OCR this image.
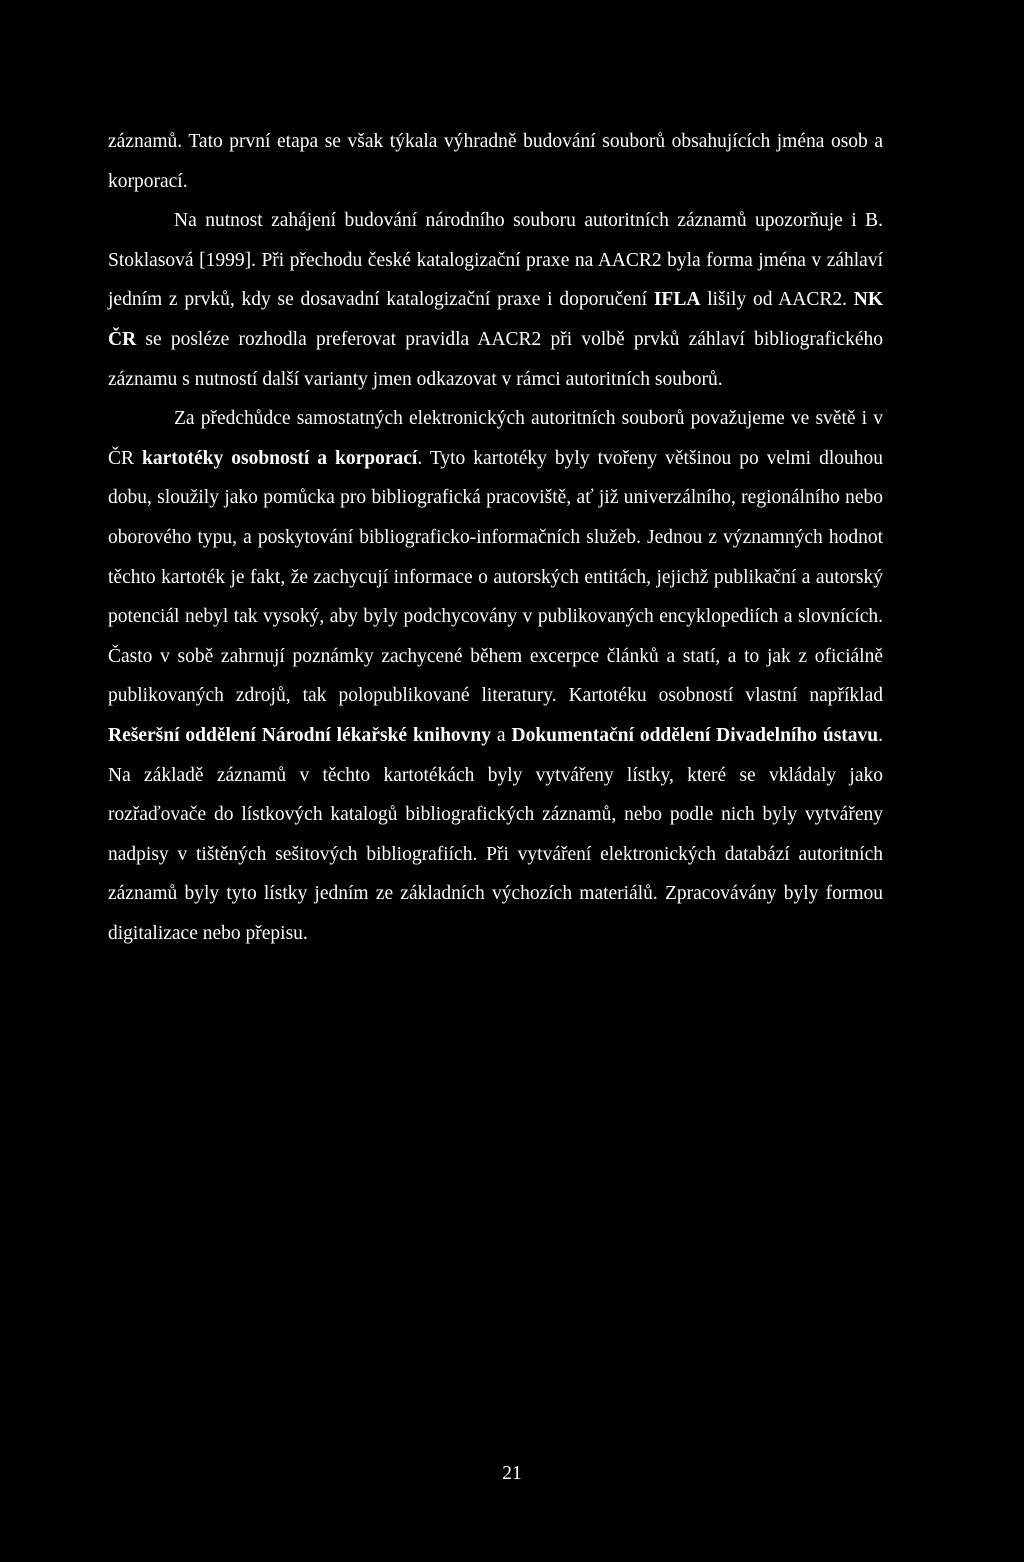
záznamů. Tato první etapa se však týkala výhradně budování souborů obsahujících jména osob a korporací.

Na nutnost zahájení budování národního souboru autoritních záznamů upozorňuje i B. Stoklasová [1999]. Při přechodu české katalogizační praxe na AACR2 byla forma jména v záhlaví jedním z prvků, kdy se dosavadní katalogizační praxe i doporučení IFLA lišily od AACR2. NK ČR se posléze rozhodla preferovat pravidla AACR2 při volbě prvků záhlaví bibliografického záznamu s nutností další varianty jmen odkazovat v rámci autoritních souborů.

Za předchůdce samostatných elektronických autoritních souborů považujeme ve světě i v ČR kartotéky osobností a korporací. Tyto kartotéky byly tvořeny většinou po velmi dlouhou dobu, sloužily jako pomůcka pro bibliografická pracoviště, ať již univerzálního, regionálního nebo oborového typu, a poskytování bibliograficko-informačních služeb. Jednou z významných hodnot těchto kartoték je fakt, že zachycují informace o autorských entitách, jejichž publikační a autorský potenciál nebyl tak vysoký, aby byly podchycovány v publikovaných encyklopediích a slovnících. Často v sobě zahrnují poznámky zachycené během excerpce článků a statí, a to jak z oficiálně publikovaných zdrojů, tak polopublikované literatury. Kartotéku osobností vlastní například Rešeršní oddělení Národní lékařské knihovny a Dokumentační oddělení Divadelního ústavu. Na základě záznamů v těchto kartotékách byly vytvářeny lístky, které se vkládaly jako rozřaďovače do lístkových katalogů bibliografických záznamů, nebo podle nich byly vytvářeny nadpisy v tištěných sešitových bibliografiích. Při vytváření elektronických databází autoritních záznamů byly tyto lístky jedním ze základních výchozích materiálů. Zpracovávány byly formou digitalizace nebo přepisu.

21
